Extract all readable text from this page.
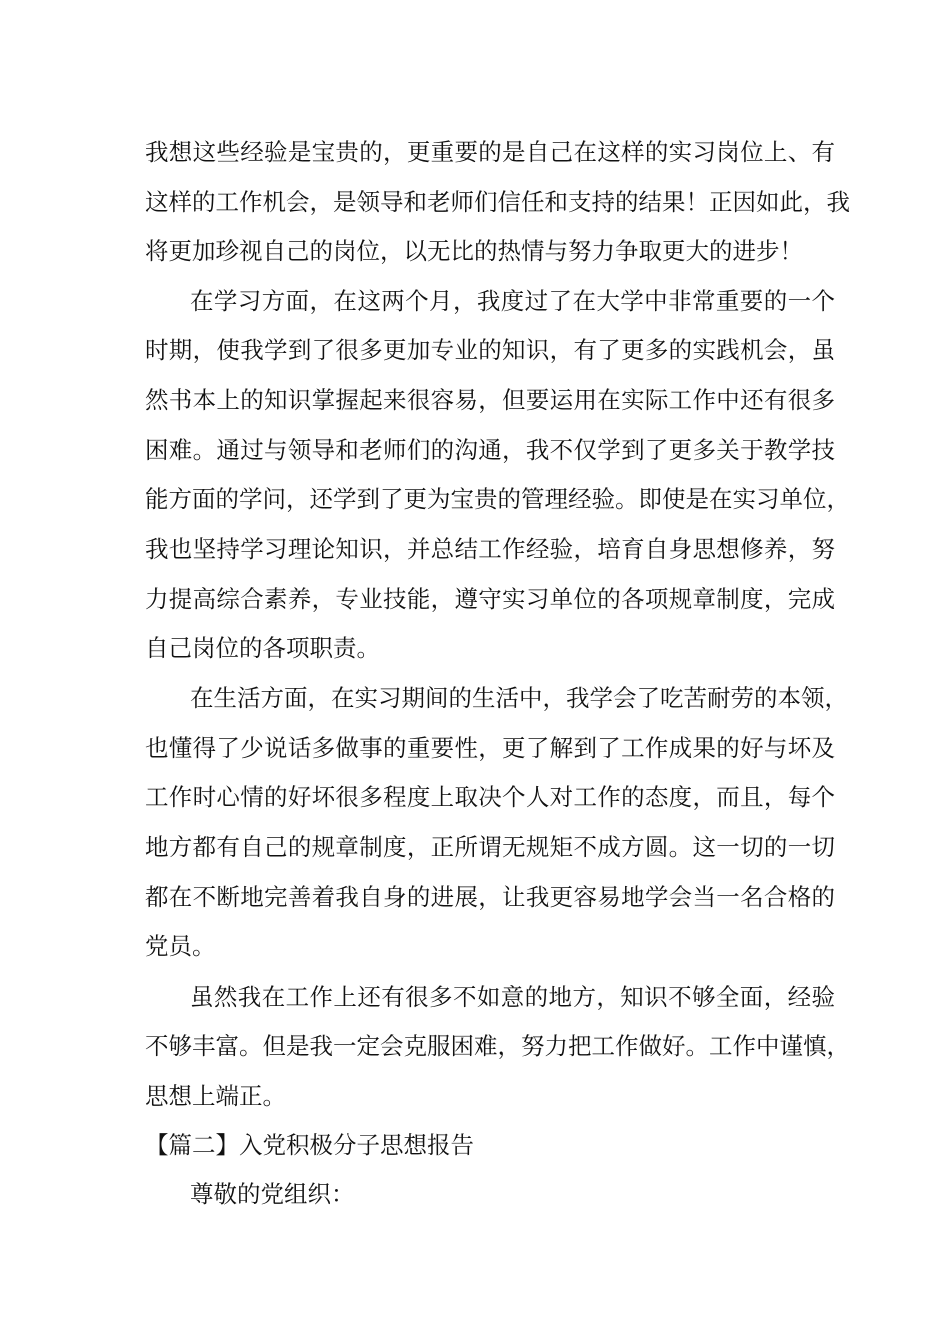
我想这些经验是宝贵的，更重要的是自己在这样的实习岗位上、有
这样的工作机会，是领导和老师们信任和支持的结果！正因如此，我
将更加珍视自己的岗位，以无比的热情与努力争取更大的进步！
在学习方面，在这两个月，我度过了在大学中非常重要的一个
时期，使我学到了很多更加专业的知识，有了更多的实践机会，虽
然书本上的知识掌握起来很容易，但要运用在实际工作中还有很多
困难。通过与领导和老师们的沟通，我不仅学到了更多关于教学技
能方面的学问，还学到了更为宝贵的管理经验。即使是在实习单位，
我也坚持学习理论知识，并总结工作经验，培育自身思想修养，努
力提高综合素养，专业技能，遵守实习单位的各项规章制度，完成
自己岗位的各项职责。
在生活方面，在实习期间的生活中，我学会了吃苦耐劳的本领，
也懂得了少说话多做事的重要性，更了解到了工作成果的好与坏及
工作时心情的好坏很多程度上取决个人对工作的态度，而且，每个
地方都有自己的规章制度，正所谓无规矩不成方圆。这一切的一切
都在不断地完善着我自身的进展，让我更容易地学会当一名合格的
党员。
虽然我在工作上还有很多不如意的地方，知识不够全面，经验
不够丰富。但是我一定会克服困难，努力把工作做好。工作中谨慎，
思想上端正。
【篇二】入党积极分子思想报告
尊敬的党组织：
